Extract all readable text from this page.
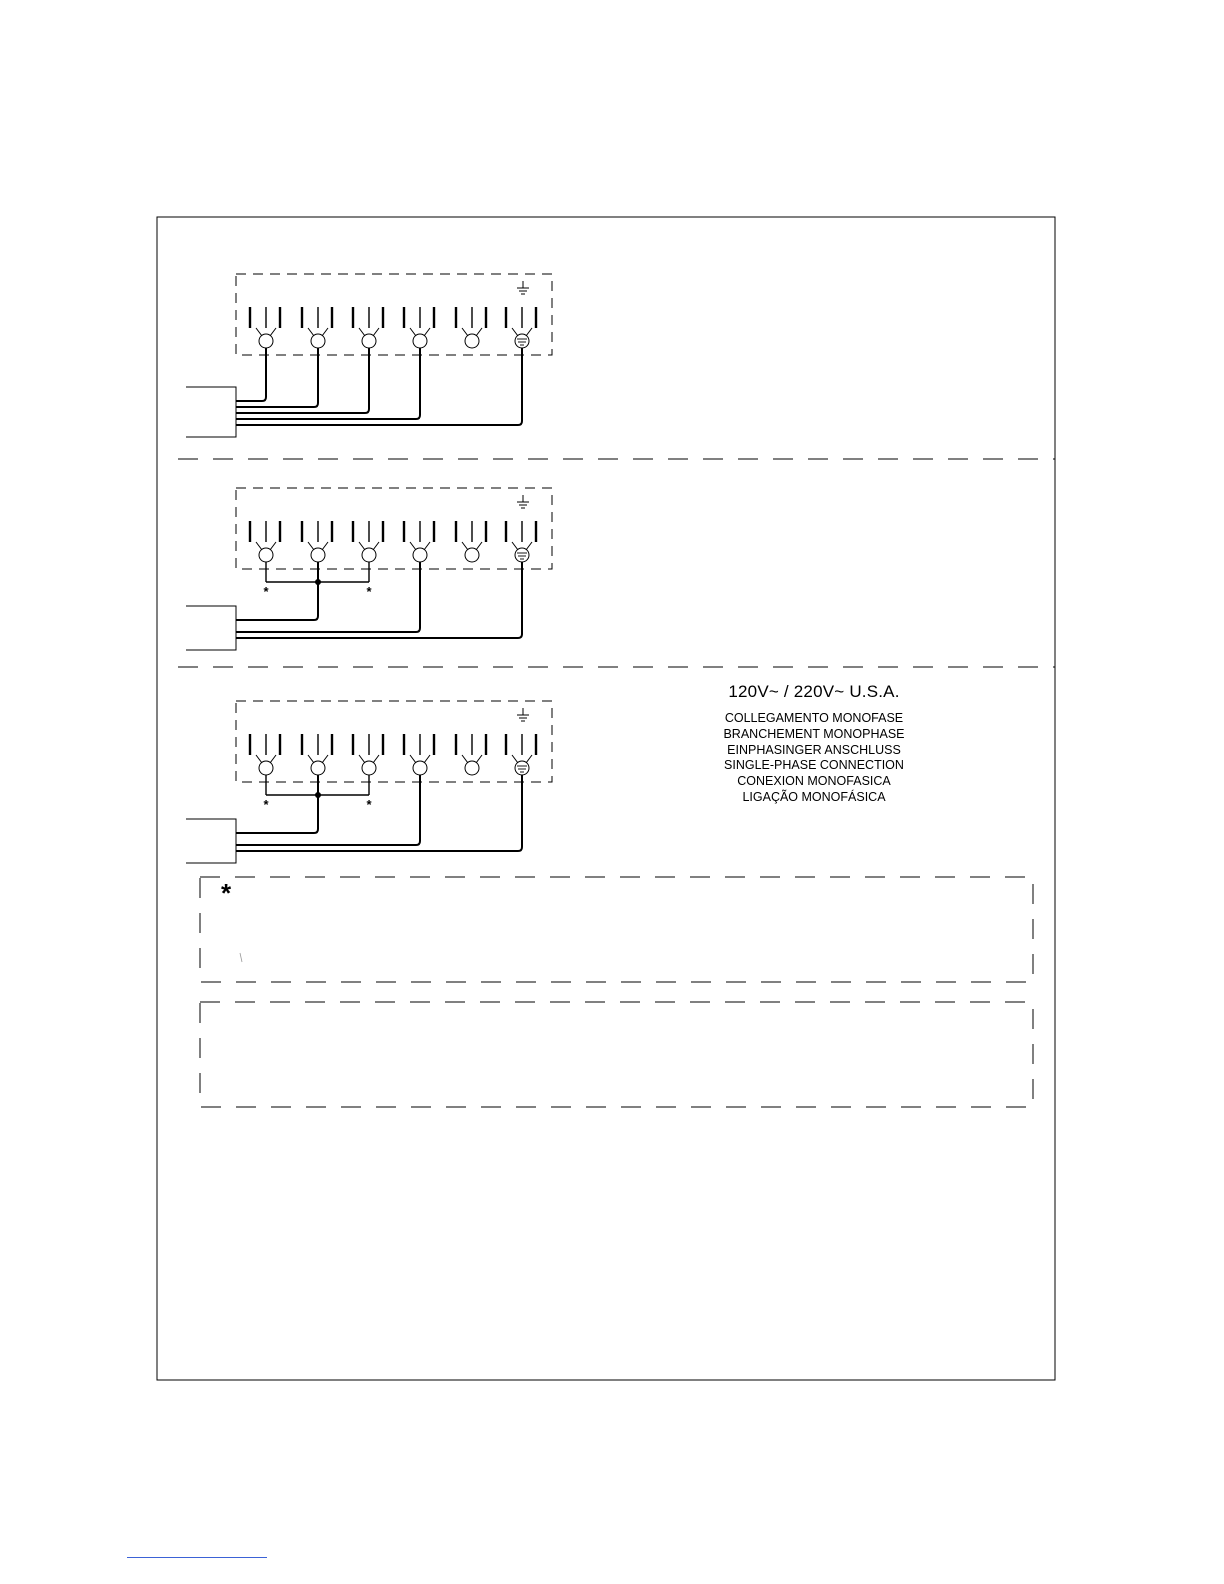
*	*
*	*
120V~ / 220V~ U.S.A.
COLLEGAMENTO MONOFASE
BRANCHEMENT MONOPHASE
EINPHASINGER ANSCHLUSS
SINGLE-PHASE CONNECTION
CONEXION MONOFASICA
LIGAÇÃO MONOFÁSICA
*
